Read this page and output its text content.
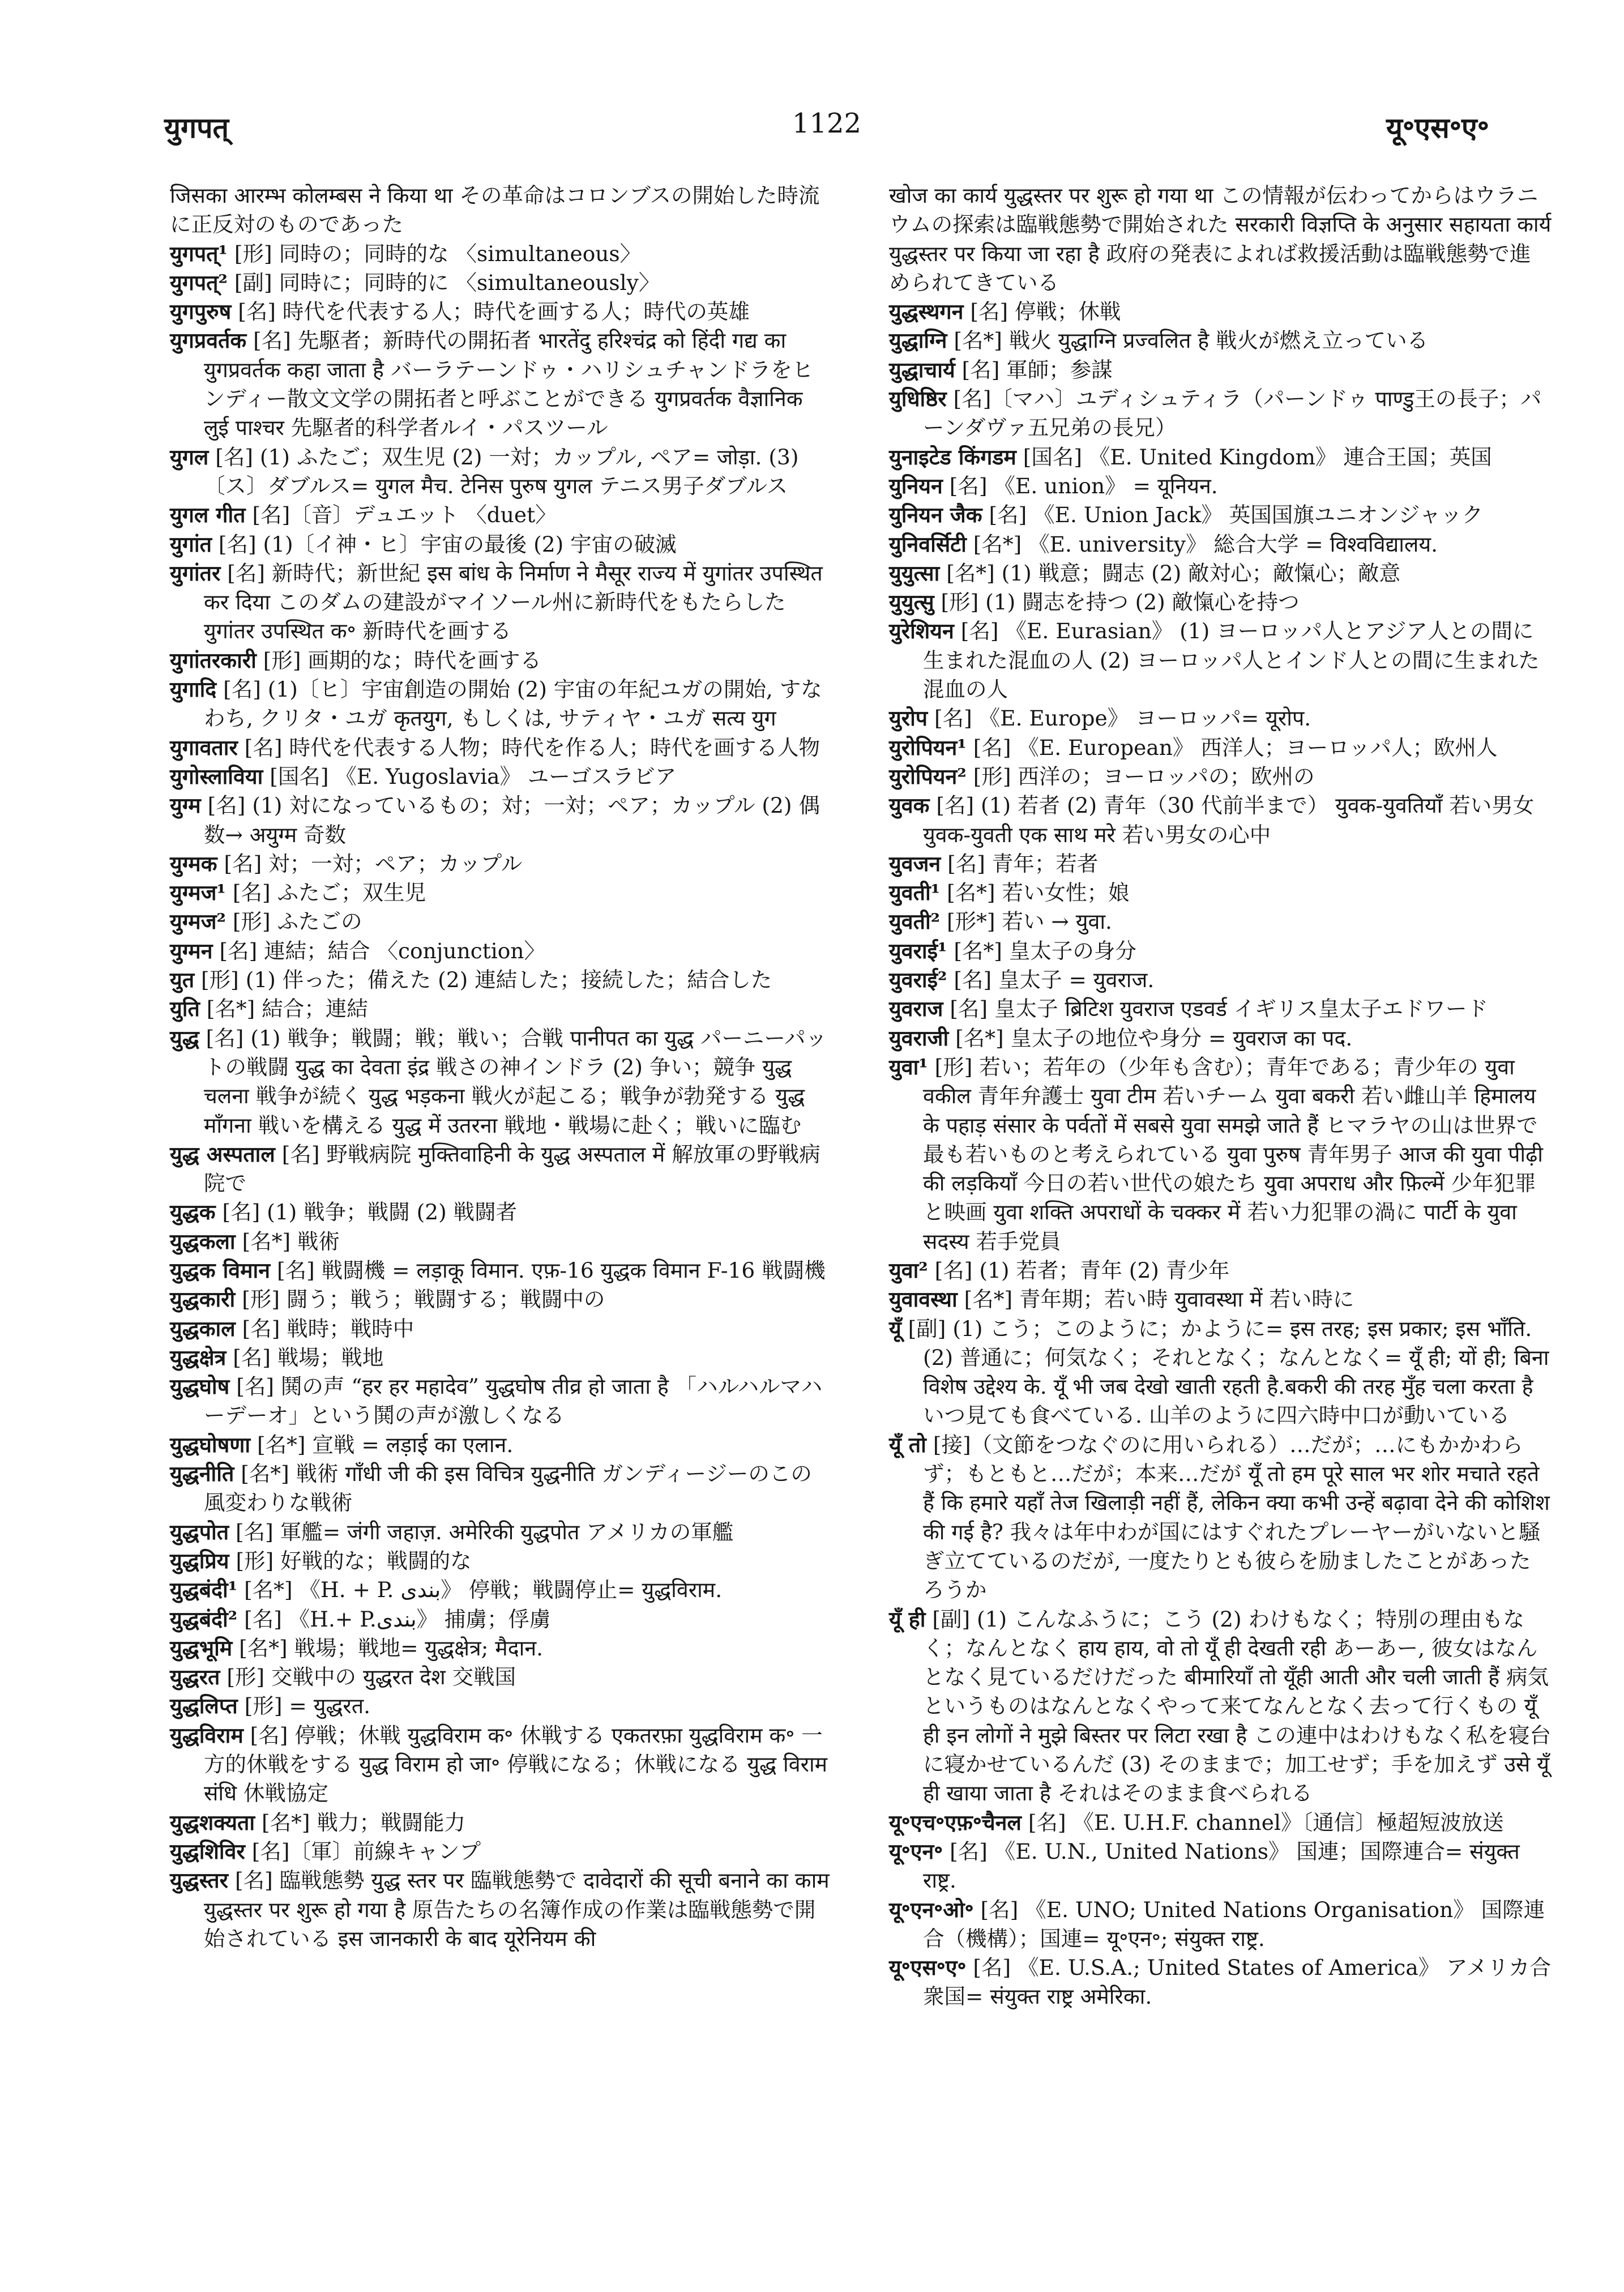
युगपत्	1122	यू॰एस॰ए॰

जिसका आरम्भ कोलम्बस ने किया था その革命はコロンブスの開始した時流に正反対のものであった

युगपत्¹ [形] 同時の；同時的な 〈simultaneous〉

युगपत्² [副] 同時に；同時的に 〈simultaneously〉

युगपुरुष [名] 時代を代表する人；時代を画する人；時代の英雄

युगप्रवर्तक [名] 先駆者；新時代の開拓者 भारतेंदु हरिश्चंद्र को हिंदी गद्य का युगप्रवर्तक कहा जाता है バーラテーンドゥ・ハリシュチャンドラをヒンディー散文文学の開拓者と呼ぶことができる युगप्रवर्तक वैज्ञानिक लुई पाश्चर 先駆者的科学者ルイ・パスツール

युगल [名] (1) ふたご；双生児 (2) 一対；カップル, ペア= जोड़ा. (3)〔ス〕ダブルス= युगल मैच. टेनिस पुरुष युगल テニス男子ダブルス

युगल गीत [名]〔音〕デュエット 〈duet〉

युगांत [名] (1)〔イ神・ヒ〕宇宙の最後 (2) 宇宙の破滅

युगांतर [名] 新時代；新世紀 इस बांध के निर्माण ने मैसूर राज्य में युगांतर उपस्थित कर दिया このダムの建設がマイソール州に新時代をもたらした युगांतर उपस्थित क॰ 新時代を画する

युगांतरकारी [形] 画期的な；時代を画する

युगादि [名] (1)〔ヒ〕宇宙創造の開始 (2) 宇宙の年紀ユガの開始, すなわち, クリタ・ユガ कृतयुग, もしくは, サティヤ・ユガ सत्य युग

युगावतार [名] 時代を代表する人物；時代を作る人；時代を画する人物

युगोस्लाविया [国名] 《E. Yugoslavia》 ユーゴスラビア

युग्म [名] (1) 対になっているもの；対；一対；ペア；カップル (2) 偶数→ अयुग्म 奇数

युग्मक [名] 対；一対；ペア；カップル

युग्मज¹ [名] ふたご；双生児

युग्मज² [形] ふたごの

युग्मन [名] 連結；結合 〈conjunction〉

युत [形] (1) 伴った；備えた (2) 連結した；接続した；結合した

युति [名*] 結合；連結

युद्ध [名] (1) 戦争；戦闘；戦；戦い；合戦 पानीपत का युद्ध パーニーパットの戦闘 युद्ध का देवता इंद्र 戦さの神インドラ (2) 争い；競争 युद्ध चलना 戦争が続く युद्ध भड़कना 戦火が起こる；戦争が勃発する युद्ध माँगना 戦いを構える युद्ध में उतरना 戦地・戦場に赴く；戦いに臨む

युद्ध अस्पताल [名] 野戦病院 मुक्तिवाहिनी के युद्ध अस्पताल में 解放軍の野戦病院で

युद्धक [名] (1) 戦争；戦闘 (2) 戦闘者

युद्धकला [名*] 戦術

युद्धक विमान [名] 戦闘機 = लड़ाकू विमान. एफ़-16 युद्धक विमान F-16 戦闘機

युद्धकारी [形] 闘う；戦う；戦闘する；戦闘中の

युद्धकाल [名] 戦時；戦時中

युद्धक्षेत्र [名] 戦場；戦地

युद्धघोष [名] 鬨の声 “हर हर महादेव” युद्धघोष तीव्र हो जाता है 「ハルハルマハーデーオ」という鬨の声が激しくなる

युद्धघोषणा [名*] 宣戦 = लड़ाई का एलान.

युद्धनीति [名*] 戦術 गाँधी जी की इस विचित्र युद्धनीति ガンディージーのこの風変わりな戦術

युद्धपोत [名] 軍艦= जंगी जहाज़. अमेरिकी युद्धपोत アメリカの軍艦

युद्धप्रिय [形] 好戦的な；戦闘的な

युद्धबंदी¹ [名*] 《H. + P. بندی》 停戦；戦闘停止= युद्धविराम.

युद्धबंदी² [名] 《H.+ P.بندی》 捕虜；俘虜

युद्धभूमि [名*] 戦場；戦地= युद्धक्षेत्र; मैदान.

युद्धरत [形] 交戦中の युद्धरत देश 交戦国

युद्धलिप्त [形] = युद्धरत.

युद्धविराम [名] 停戦；休戦 युद्धविराम क॰ 休戦する एकतरफ़ा युद्धविराम क॰ 一方的休戦をする युद्ध विराम हो जा॰ 停戦になる；休戦になる युद्ध विराम संधि 休戦協定

युद्धशक्यता [名*] 戦力；戦闘能力

युद्धशिविर [名]〔軍〕前線キャンプ

युद्धस्तर [名] 臨戦態勢 युद्ध स्तर पर 臨戦態勢で दावेदारों की सूची बनाने का काम युद्धस्तर पर शुरू हो गया है 原告たちの名簿作成の作業は臨戦態勢で開始されている इस जानकारी के बाद यूरेनियम की

खोज का कार्य युद्धस्तर पर शुरू हो गया था この情報が伝わってからはウラニウムの探索は臨戦態勢で開始された सरकारी विज्ञप्ति के अनुसार सहायता कार्य युद्धस्तर पर किया जा रहा है 政府の発表によれば救援活動は臨戦態勢で進められてきている

युद्धस्थगन [名] 停戦；休戦

युद्धाग्नि [名*] 戦火 युद्धाग्नि प्रज्वलित है 戦火が燃え立っている

युद्धाचार्य [名] 軍師；参謀

युधिष्ठिर [名]〔マハ〕ユディシュティラ（パーンドゥ पाण्डु王の長子；パーンダヴァ五兄弟の長兄）

युनाइटेड किंगडम [国名] 《E. United Kingdom》 連合王国；英国

युनियन [名] 《E. union》 = यूनियन.

युनियन जैक [名] 《E. Union Jack》 英国国旗ユニオンジャック

युनिवर्सिटी [名*] 《E. university》 総合大学 = विश्वविद्यालय.

युयुत्सा [名*] (1) 戦意；闘志 (2) 敵対心；敵愾心；敵意

युयुत्सु [形] (1) 闘志を持つ (2) 敵愾心を持つ

युरेशियन [名] 《E. Eurasian》 (1) ヨーロッパ人とアジア人との間に生まれた混血の人 (2) ヨーロッパ人とインド人との間に生まれた混血の人

युरोप [名] 《E. Europe》 ヨーロッパ= यूरोप.

युरोपियन¹ [名] 《E. European》 西洋人；ヨーロッパ人；欧州人

युरोपियन² [形] 西洋の；ヨーロッパの；欧州の

युवक [名] (1) 若者 (2) 青年（30 代前半まで） युवक-युवतियाँ 若い男女 युवक-युवती एक साथ मरे 若い男女の心中

युवजन [名] 青年；若者

युवती¹ [名*] 若い女性；娘

युवती² [形*] 若い → युवा.

युवराई¹ [名*] 皇太子の身分

युवराई² [名] 皇太子 = युवराज.

युवराज [名] 皇太子 ब्रिटिश युवराज एडवर्ड イギリス皇太子エドワード

युवराजी [名*] 皇太子の地位や身分 = युवराज का पद.

युवा¹ [形] 若い；若年の（少年も含む）；青年である；青少年の युवा वकील 青年弁護士 युवा टीम 若いチーム युवा बकरी 若い雌山羊 हिमालय के पहाड़ संसार के पर्वतों में सबसे युवा समझे जाते हैं ヒマラヤの山は世界で最も若いものと考えられている युवा पुरुष 青年男子 आज की युवा पीढ़ी की लड़कियाँ 今日の若い世代の娘たち युवा अपराध और फ़िल्में 少年犯罪と映画 युवा शक्ति अपराधों के चक्कर में 若い力犯罪の渦に पार्टी के युवा सदस्य 若手党員

युवा² [名] (1) 若者；青年 (2) 青少年

युवावस्था [名*] 青年期；若い時 युवावस्था में 若い時に

यूँ [副] (1) こう；このように；かように= इस तरह; इस प्रकार; इस भाँति. (2) 普通に；何気なく；それとなく；なんとなく= यूँ ही; यों ही; बिना विशेष उद्देश्य के. यूँ भी जब देखो खाती रहती है.बकरी की तरह मुँह चला करता है いつ見ても食べている. 山羊のように四六時中口が動いている

यूँ तो [接]（文節をつなぐのに用いられる）…だが；…にもかかわらず；もともと…だが；本来…だが यूँ तो हम पूरे साल भर शोर मचाते रहते हैं कि हमारे यहाँ तेज खिलाड़ी नहीं हैं, लेकिन क्या कभी उन्हें बढ़ावा देने की कोशिश की गई है? 我々は年中わが国にはすぐれたプレーヤーがいないと騒ぎ立てているのだが, 一度たりとも彼らを励ましたことがあったろうか

यूँ ही [副] (1) こんなふうに；こう (2) わけもなく；特別の理由もなく；なんとなく हाय हाय, वो तो यूँ ही देखती रही あーあー, 彼女はなんとなく見ているだけだった बीमारियाँ तो यूँही आती और चली जाती हैं 病気というものはなんとなくやって来てなんとなく去って行くもの यूँ ही इन लोगों ने मुझे बिस्तर पर लिटा रखा है この連中はわけもなく私を寝台に寝かせているんだ (3) そのままで；加工せず；手を加えず उसे यूँ ही खाया जाता है それはそのまま食べられる

यू॰एच॰एफ़॰चैनल [名] 《E. U.H.F. channel》〔通信〕極超短波放送

यू॰एन॰ [名] 《E. U.N., United Nations》 国連；国際連合= संयुक्त राष्ट्र.

यू॰एन॰ओ॰ [名] 《E. UNO; United Nations Organisation》 国際連合（機構）；国連= यू॰एन॰; संयुक्त राष्ट्र.

यू॰एस॰ए॰ [名] 《E. U.S.A.; United States of America》 アメリカ合衆国= संयुक्त राष्ट्र अमेरिका.
